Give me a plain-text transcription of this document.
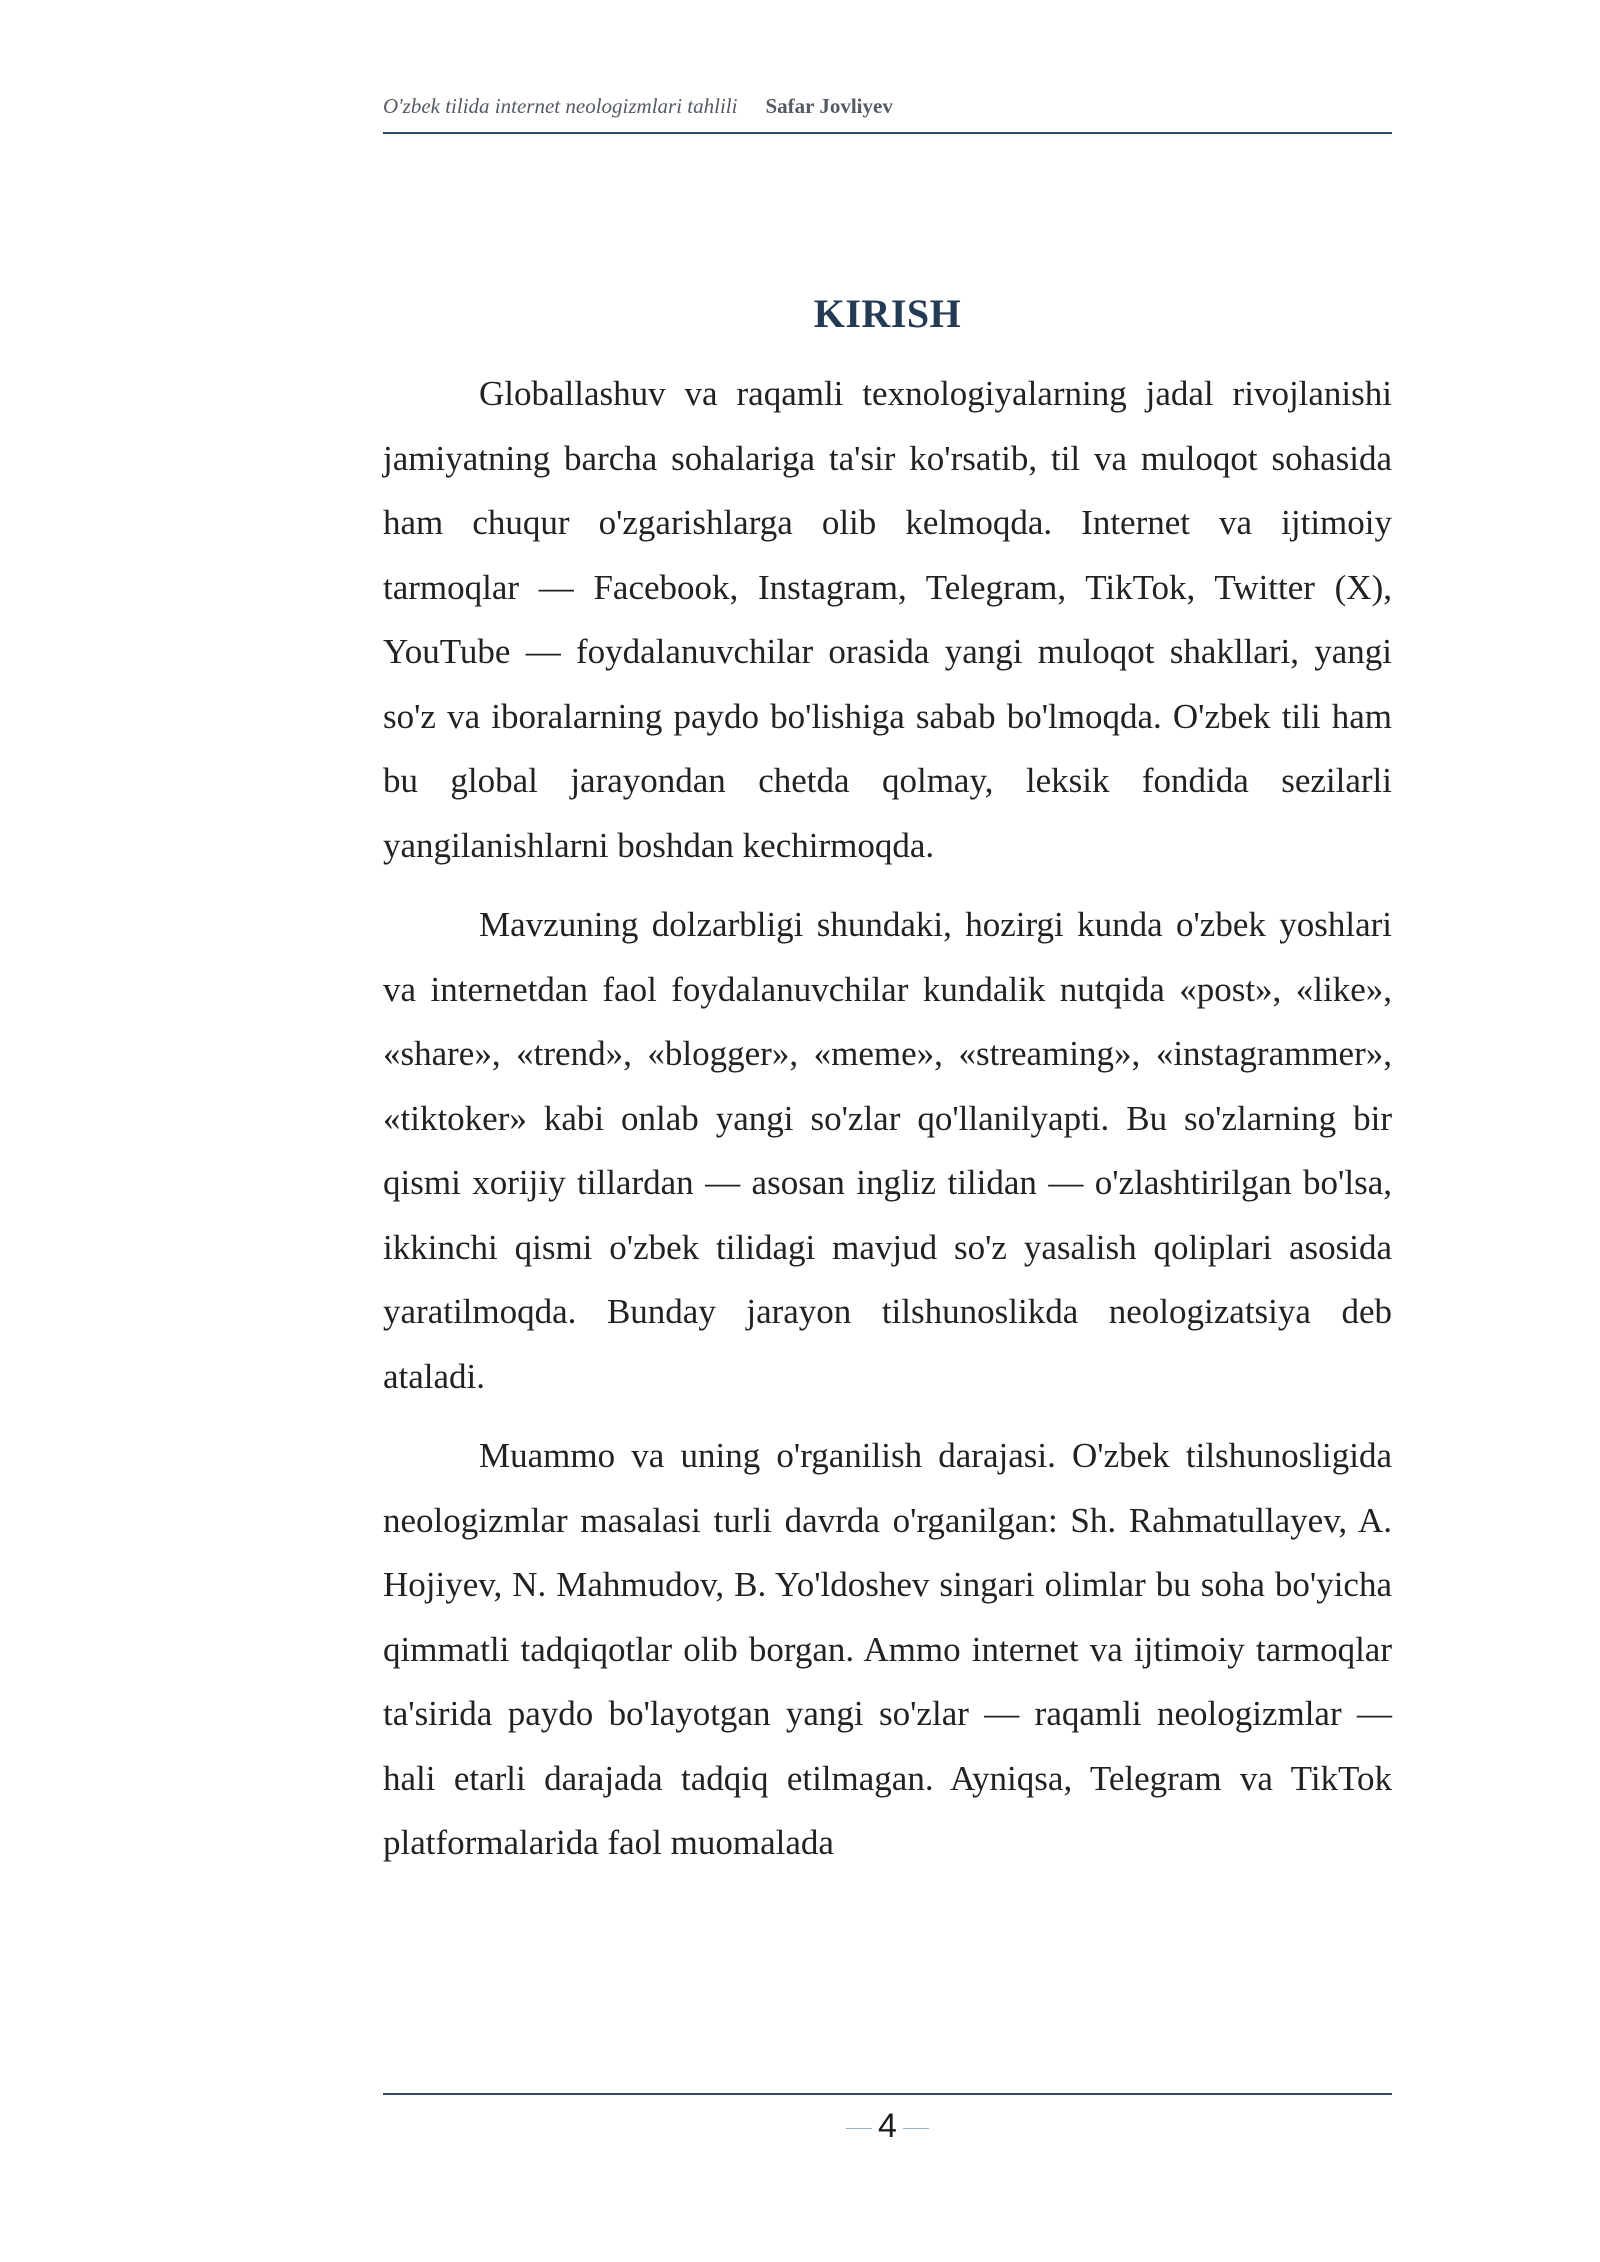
O'zbek tilida internet neologizmlari tahlili Safar Jovliyev
KIRISH

Globallashuv va raqamli texnologiyalarning jadal rivojlanishi jamiyatning barcha sohalariga ta'sir ko'rsatib, til va muloqot sohasida ham chuqur o'zgarishlarga olib kelmoqda. Internet va ijtimoiy tarmoqlar — Facebook, Instagram, Telegram, TikTok, Twitter (X), YouTube — foydalanuvchilar orasida yangi muloqot shakllari, yangi so'z va iboralarning paydo bo'lishiga sabab bo'lmoqda. O'zbek tili ham bu global jarayondan chetda qolmay, leksik fondida sezilarli yangilanishlarni boshdan kechirmoqda.

Mavzuning dolzarbligi shundaki, hozirgi kunda o'zbek yoshlari va internetdan faol foydalanuvchilar kundalik nutqida «post», «like», «share», «trend», «blogger», «meme», «streaming», «instagrammer», «tiktoker» kabi onlab yangi so'zlar qo'llanilyapti. Bu so'zlarning bir qismi xorijiy tillardan — asosan ingliz tilidan — o'zlashtirilgan bo'lsa, ikkinchi qismi o'zbek tilidagi mavjud so'z yasalish qoliplari asosida yaratilmoqda. Bunday jarayon tilshunoslikda neologizatsiya deb ataladi.

Muammo va uning o'rganilish darajasi. O'zbek tilshunosligida neologizmlar masalasi turli davrda o'rganilgan: Sh. Rahmatullayev, A. Hojiyev, N. Mahmudov, B. Yo'ldoshev singari olimlar bu soha bo'yicha qimmatli tadqiqotlar olib borgan. Ammo internet va ijtimoiy tarmoqlar ta'sirida paydo bo'layotgan yangi so'zlar — raqamli neologizmlar — hali etarli darajada tadqiq etilmagan. Ayniqsa, Telegram va TikTok platformalarida faol muomalada

4
